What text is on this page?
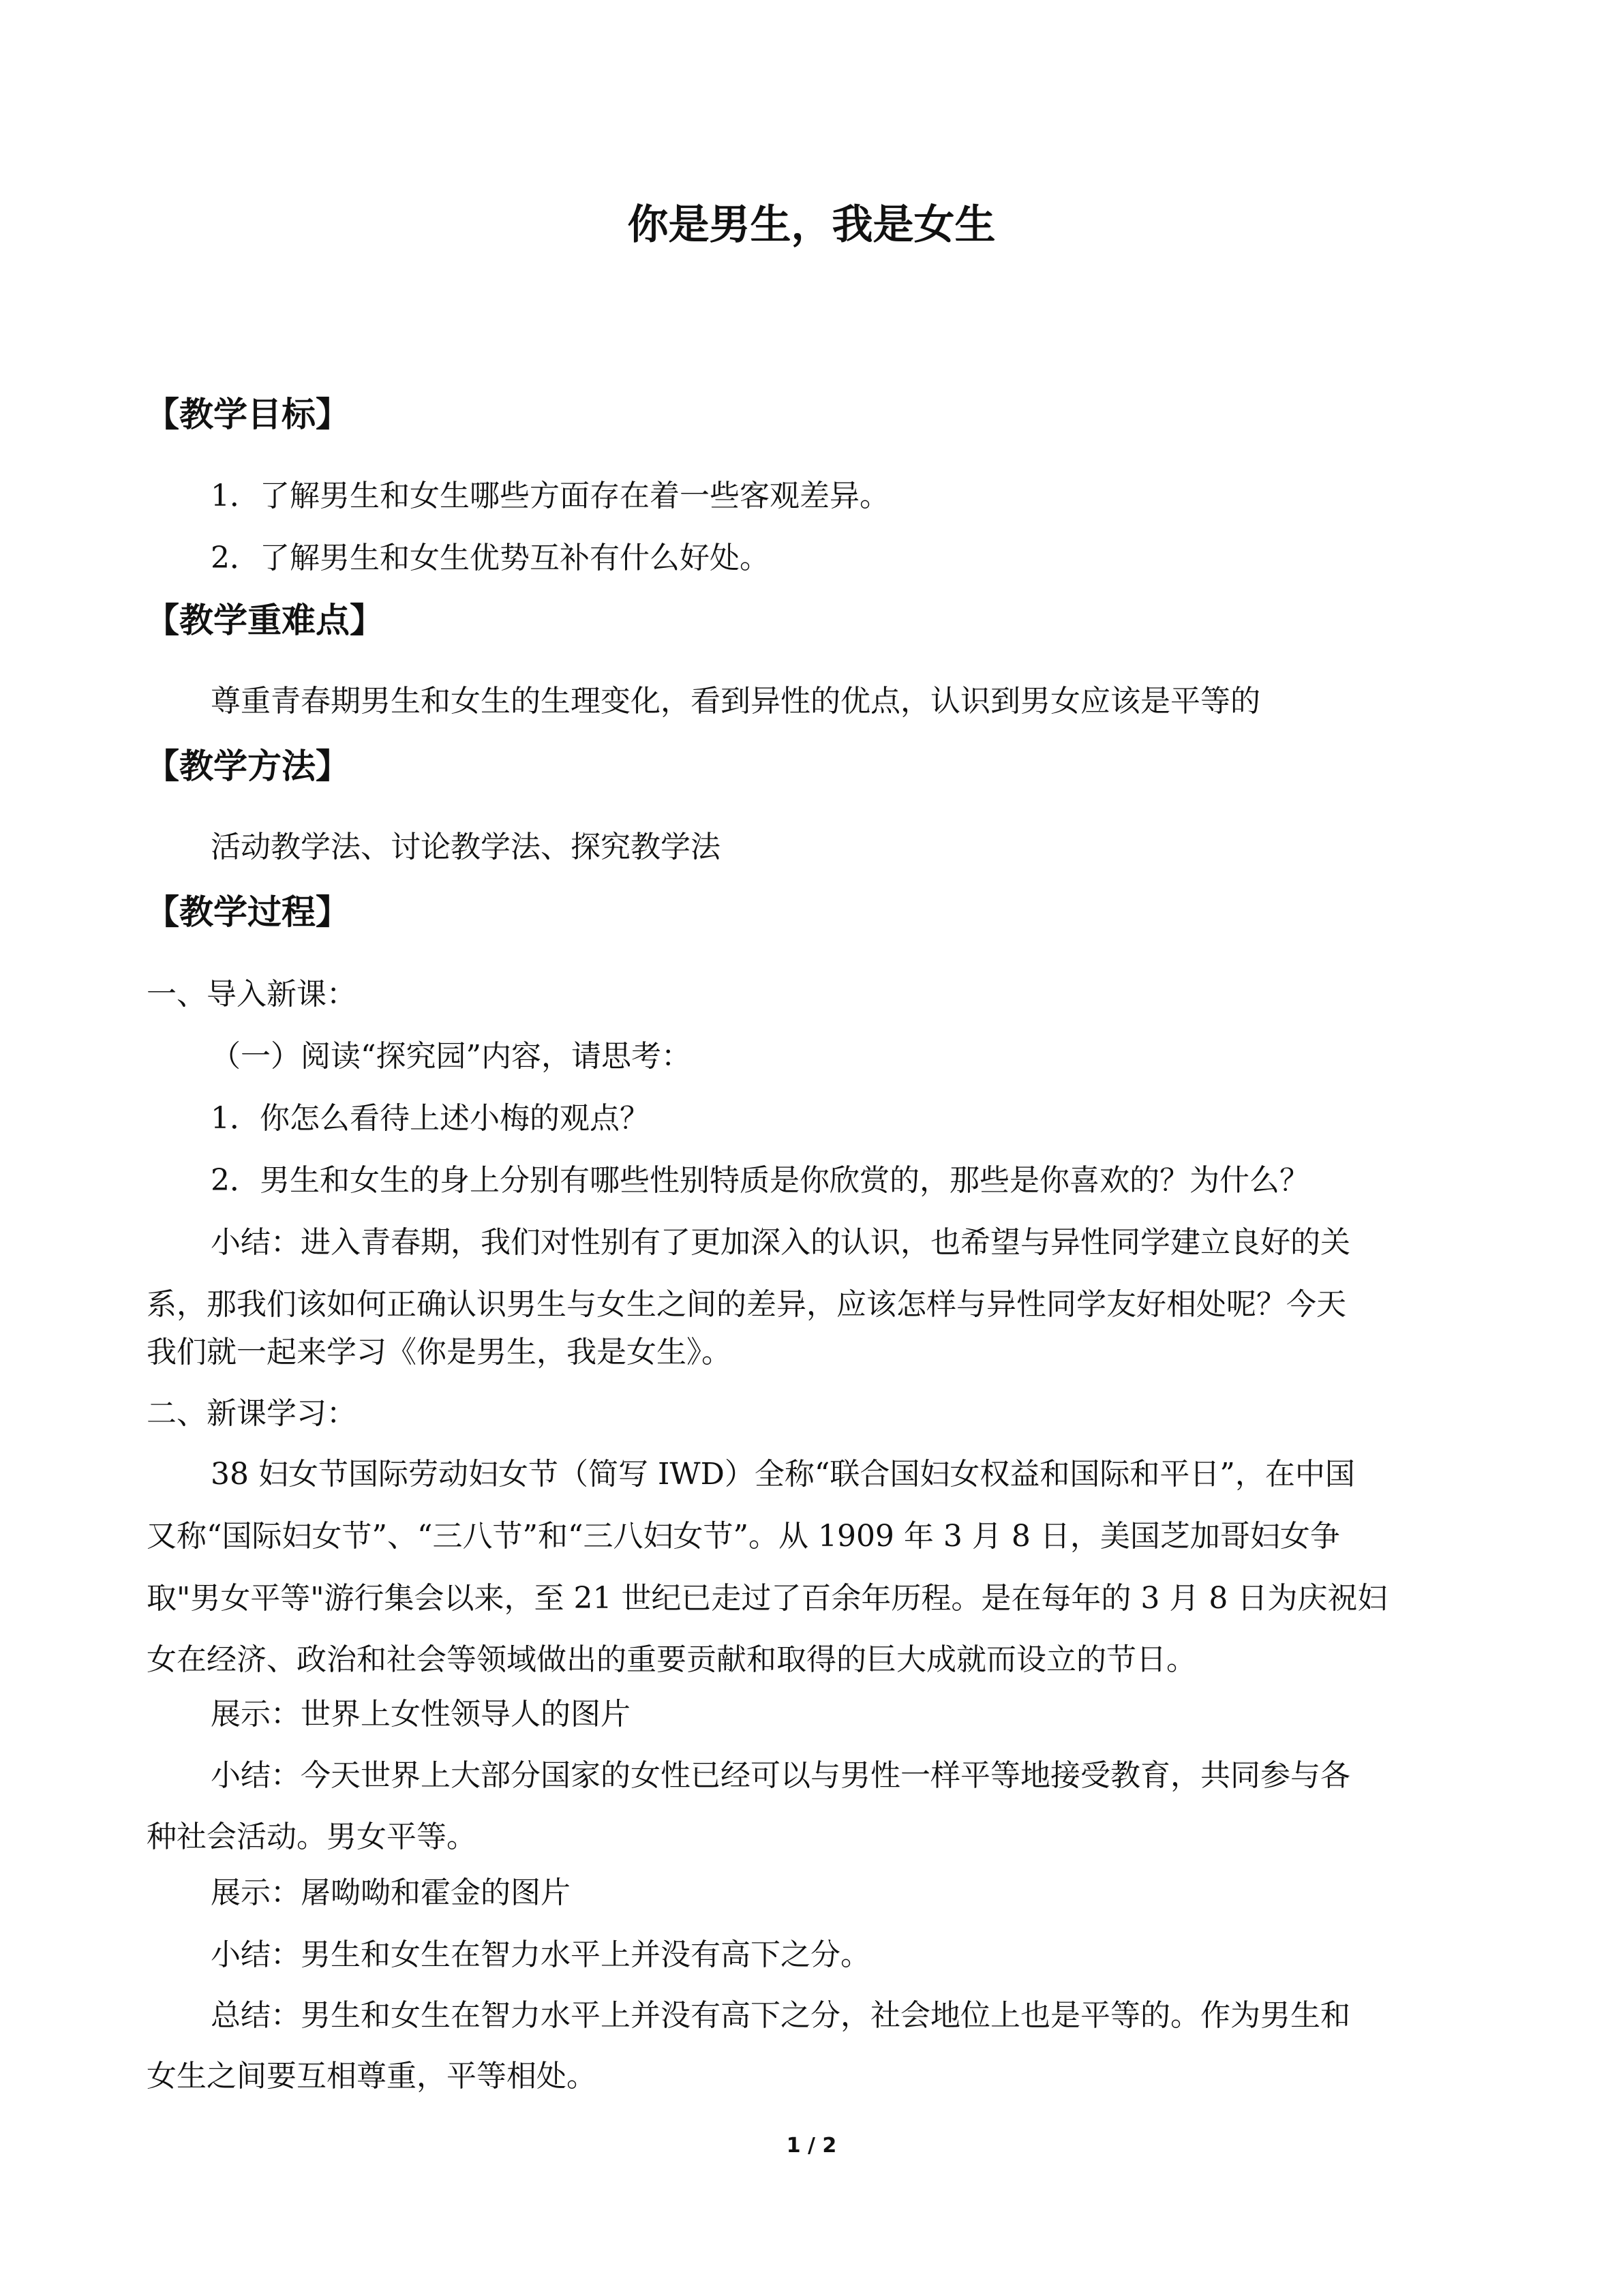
你是男生，我是女生
【教学目标】
1．了解男生和女生哪些方面存在着一些客观差异。
2．了解男生和女生优势互补有什么好处。
【教学重难点】
尊重青春期男生和女生的生理变化，看到异性的优点，认识到男女应该是平等的
【教学方法】
活动教学法、讨论教学法、探究教学法
【教学过程】
一、导入新课：
（一）阅读“探究园”内容，请思考：
1．你怎么看待上述小梅的观点？
2．男生和女生的身上分别有哪些性别特质是你欣赏的，那些是你喜欢的？为什么？
小结：进入青春期，我们对性别有了更加深入的认识，也希望与异性同学建立良好的关
系，那我们该如何正确认识男生与女生之间的差异，应该怎样与异性同学友好相处呢？今天
我们就一起来学习《你是男生，我是女生》。
二、新课学习：
38 妇女节国际劳动妇女节（简写 IWD）全称“联合国妇女权益和国际和平日”，在中国
又称“国际妇女节”、“三八节”和“三八妇女节”。从 1909 年 3 月 8 日，美国芝加哥妇女争
取"男女平等"游行集会以来，至 21 世纪已走过了百余年历程。是在每年的 3 月 8 日为庆祝妇
女在经济、政治和社会等领域做出的重要贡献和取得的巨大成就而设立的节日。
展示：世界上女性领导人的图片
小结：今天世界上大部分国家的女性已经可以与男性一样平等地接受教育，共同参与各
种社会活动。男女平等。
展示：屠呦呦和霍金的图片
小结：男生和女生在智力水平上并没有高下之分。
总结：男生和女生在智力水平上并没有高下之分，社会地位上也是平等的。作为男生和
女生之间要互相尊重，平等相处。
1 / 2
